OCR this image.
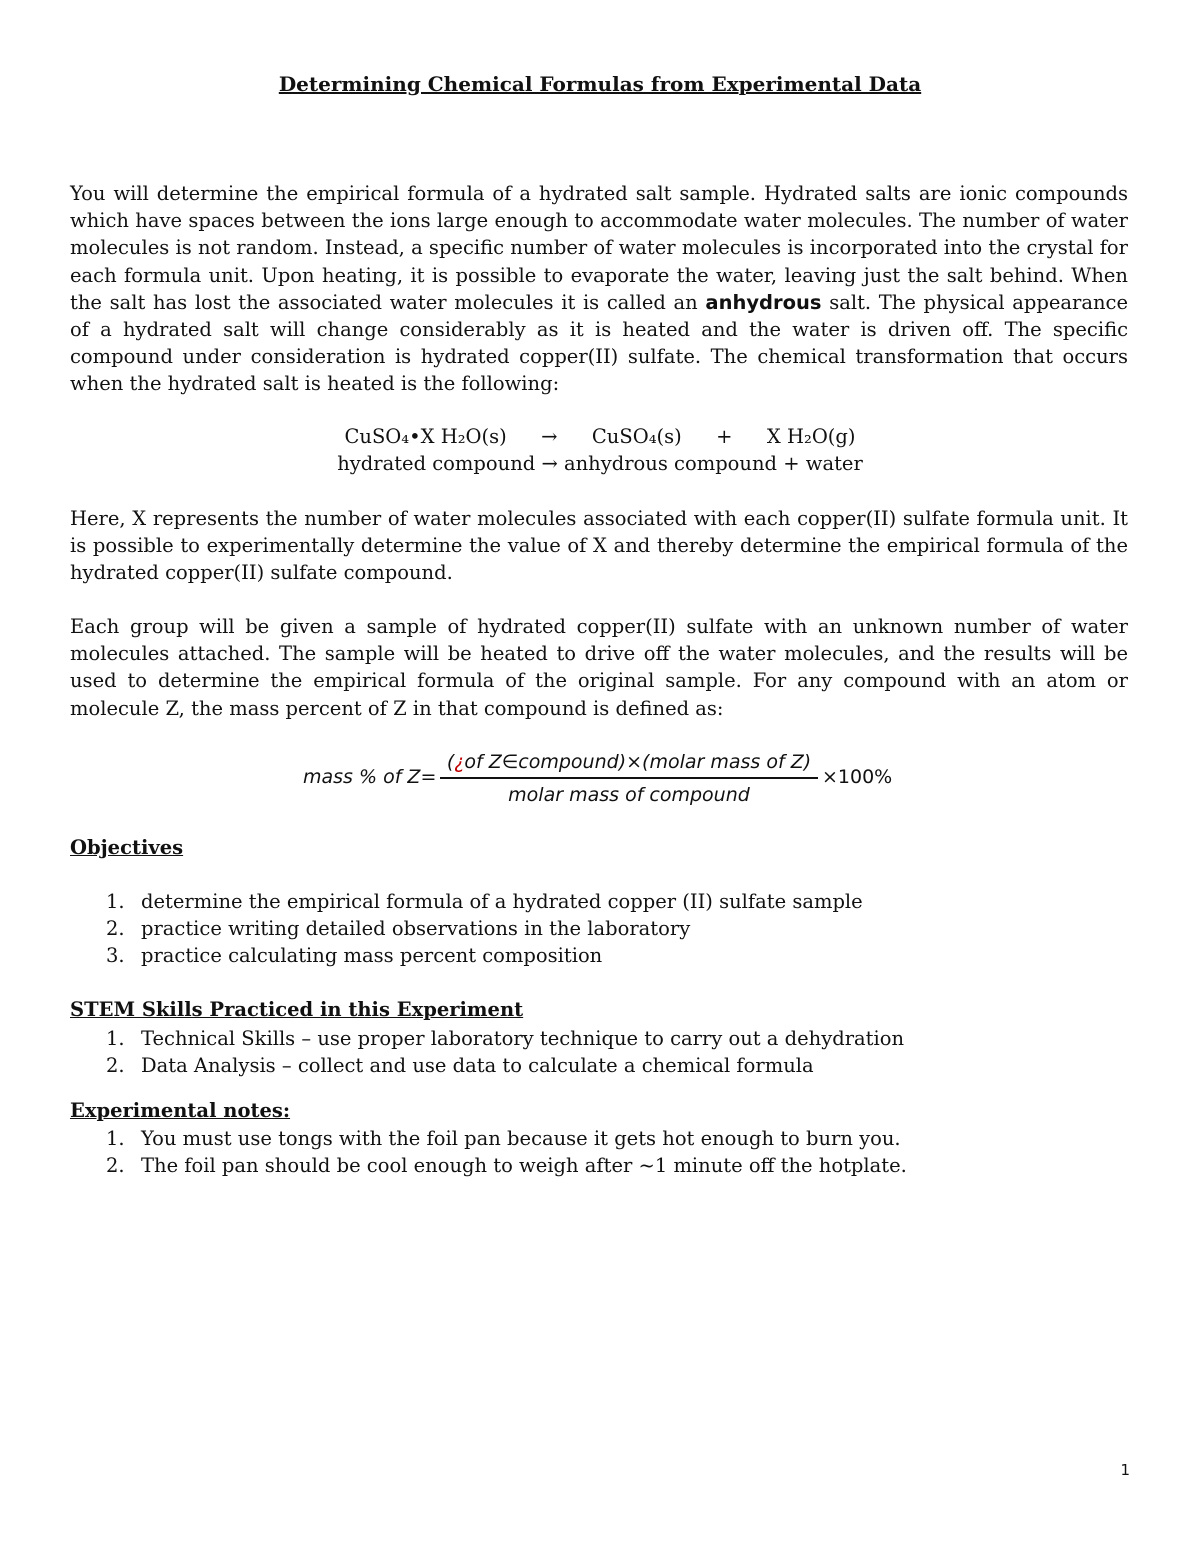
Determining Chemical Formulas from Experimental Data
You will determine the empirical formula of a hydrated salt sample. Hydrated salts are ionic compounds which have spaces between the ions large enough to accommodate water molecules. The number of water molecules is not random. Instead, a specific number of water molecules is incorporated into the crystal for each formula unit. Upon heating, it is possible to evaporate the water, leaving just the salt behind. When the salt has lost the associated water molecules it is called an anhydrous salt. The physical appearance of a hydrated salt will change considerably as it is heated and the water is driven off. The specific compound under consideration is hydrated copper(II) sulfate. The chemical transformation that occurs when the hydrated salt is heated is the following:
CuSO₄•X H₂O(s) → CuSO₄(s) + X H₂O(g)
hydrated compound → anhydrous compound + water
Here, X represents the number of water molecules associated with each copper(II) sulfate formula unit. It is possible to experimentally determine the value of X and thereby determine the empirical formula of the hydrated copper(II) sulfate compound.
Each group will be given a sample of hydrated copper(II) sulfate with an unknown number of water molecules attached. The sample will be heated to drive off the water molecules, and the results will be used to determine the empirical formula of the original sample. For any compound with an atom or molecule Z, the mass percent of Z in that compound is defined as:
mass % of Z=
(¿of Z∈compound)×(molar mass of Z)
molar mass of compound
×100%
Objectives
1. determine the empirical formula of a hydrated copper (II) sulfate sample
2. practice writing detailed observations in the laboratory
3. practice calculating mass percent composition
STEM Skills Practiced in this Experiment
1. Technical Skills – use proper laboratory technique to carry out a dehydration
2. Data Analysis – collect and use data to calculate a chemical formula
Experimental notes:
1. You must use tongs with the foil pan because it gets hot enough to burn you.
2. The foil pan should be cool enough to weigh after ~1 minute off the hotplate.
1
